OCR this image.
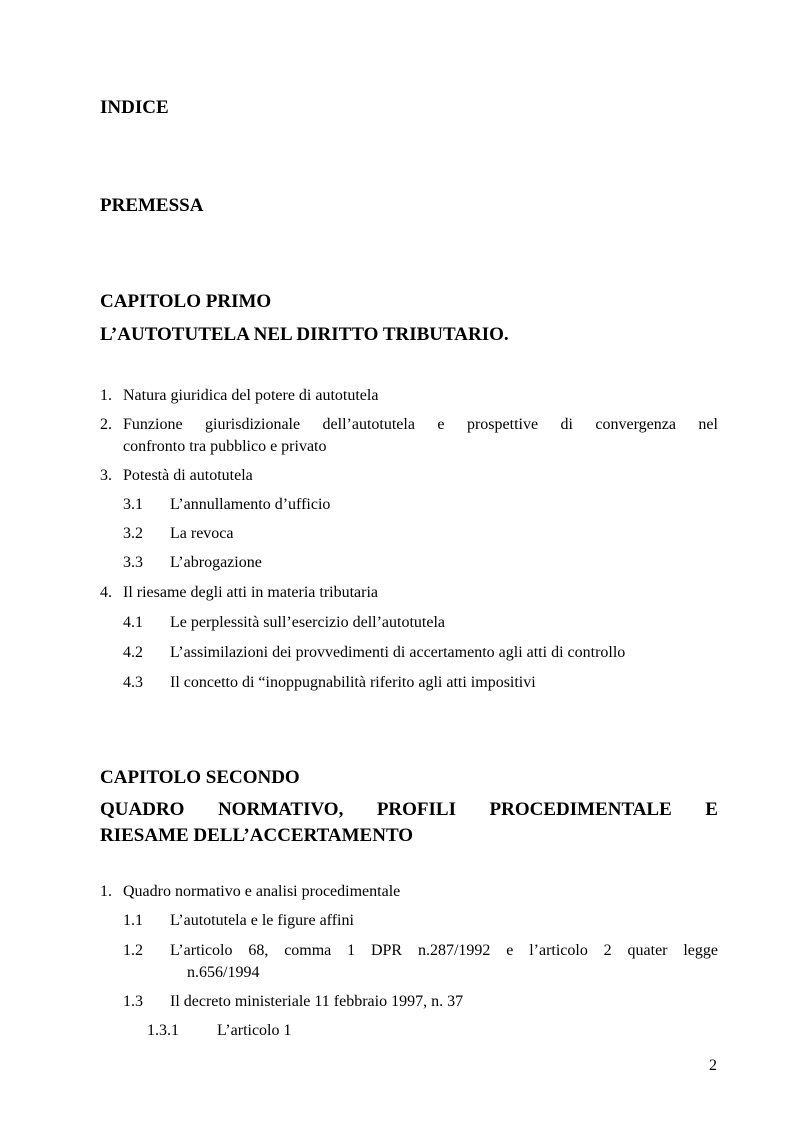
INDICE
PREMESSA
CAPITOLO PRIMO
L’AUTOTUTELA NEL DIRITTO TRIBUTARIO.
1. Natura giuridica del potere di autotutela
2. Funzione giurisdizionale dell’autotutela e prospettive di convergenza nel
confronto tra pubblico e privato
3. Potestà di autotutela
3.1 L’annullamento d’ufficio
3.2 La revoca
3.3 L’abrogazione
4. Il riesame degli atti in materia tributaria
4.1 Le perplessità sull’esercizio dell’autotutela
4.2 L’assimilazioni dei provvedimenti di accertamento agli atti di controllo
4.3 Il concetto di “inoppugnabilità riferito agli atti impositivi
CAPITOLO SECONDO
QUADRO NORMATIVO, PROFILI PROCEDIMENTALE E
RIESAME DELL’ACCERTAMENTO
1. Quadro normativo e analisi procedimentale
1.1 L’autotutela e le figure affini
1.2 L’articolo 68, comma 1 DPR n.287/1992 e l’articolo 2 quater legge
n.656/1994
1.3 Il decreto ministeriale 11 febbraio 1997, n. 37
1.3.1 L’articolo 1
2
